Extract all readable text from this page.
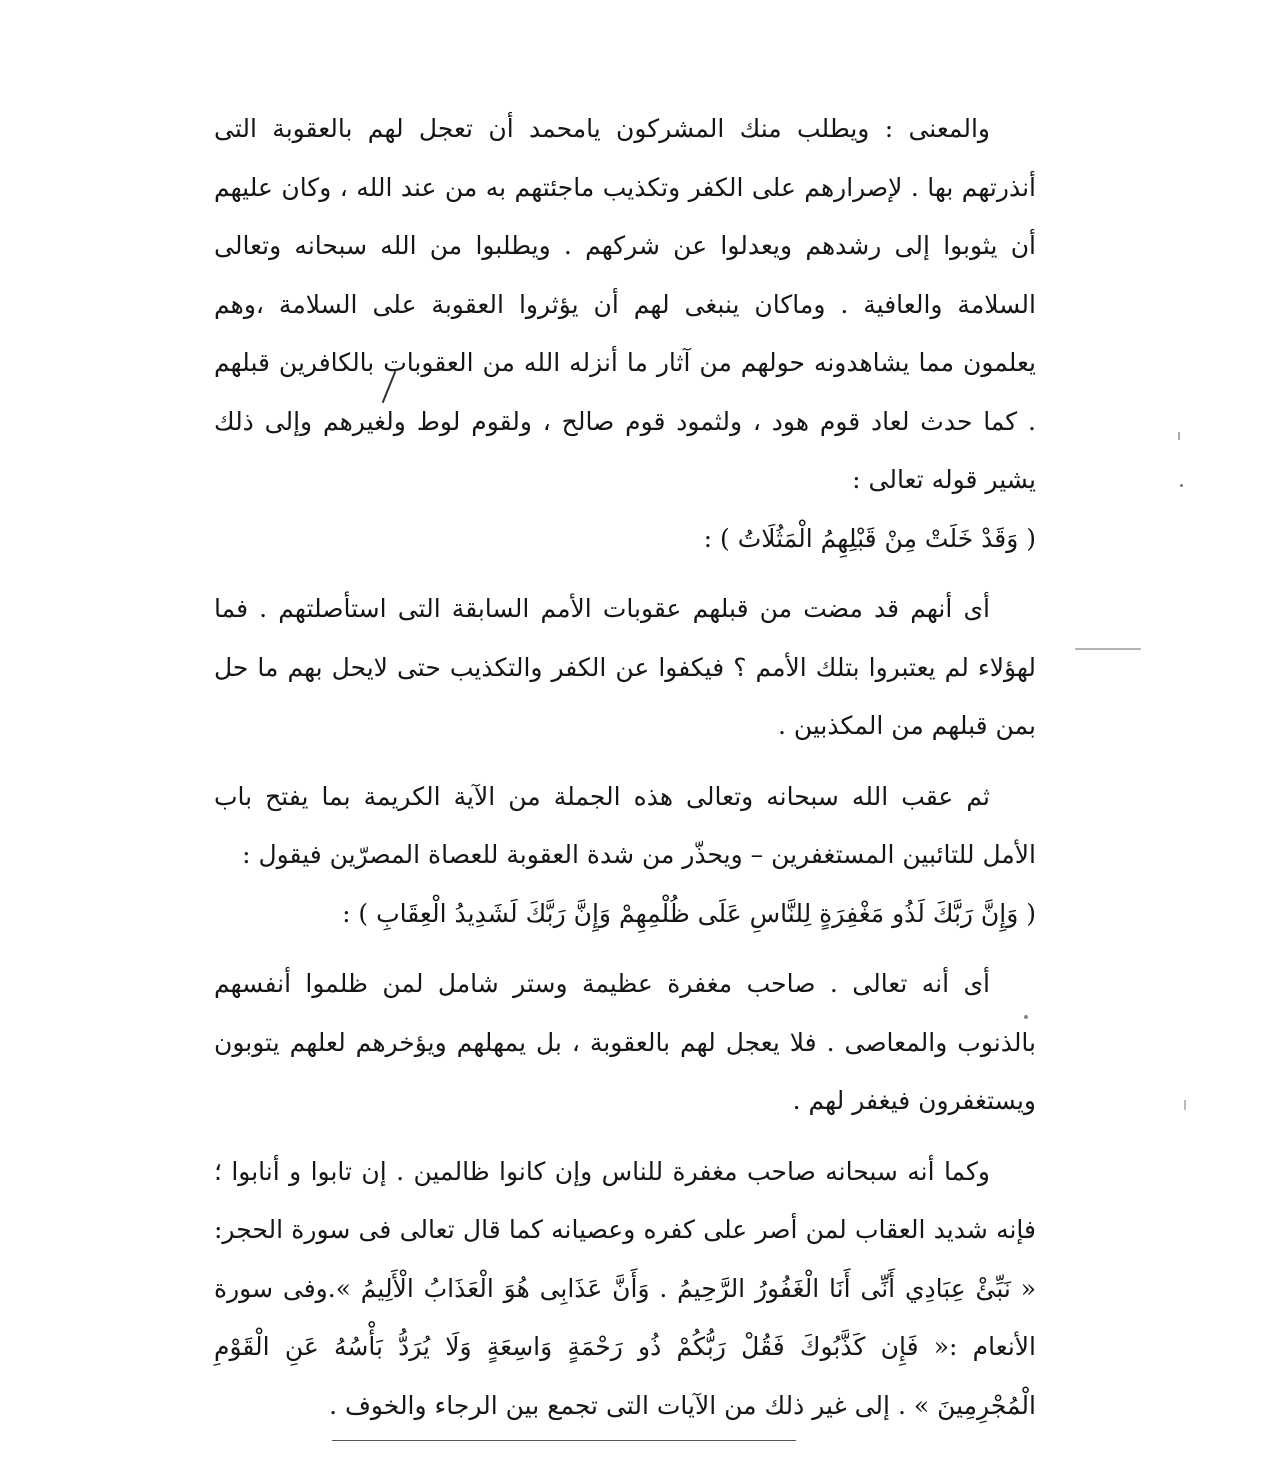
والمعنى : ويطلب منك المشركون يامحمد أن تعجل لهم بالعقوبة التى أنذرتهم بها . لإصرارهم على الكفر وتكذيب ماجئتهم به من عند الله ، وكان عليهم أن يثوبوا إلى رشدهم ويعدلوا عن شركهم . ويطلبوا من الله سبحانه وتعالى السلامة والعافية . وماكان ينبغى لهم أن يؤثروا العقوبة على السلامة ،وهم يعلمون مما يشاهدونه حولهم من آثار ما أنزله الله من العقوبات بالكافرين قبلهم . كما حدث لعاد قوم هود ، ولثمود قوم صالح ، ولقوم لوط ولغيرهم وإلى ذلك يشير قوله تعالى :

( وَقَدْ خَلَتْ مِنْ قَبْلِهِمُ الْمَثُلَاتُ ) :

أى أنهم قد مضت من قبلهم عقوبات الأمم السابقة التى استأصلتهم . فما لهؤلاء لم يعتبروا بتلك الأمم ؟ فيكفوا عن الكفر والتكذيب حتى لايحل بهم ما حل بمن قبلهم من المكذبين .

ثم عقب الله سبحانه وتعالى هذه الجملة من الآية الكريمة بما يفتح باب الأمل للتائبين المستغفرين – ويحذّر من شدة العقوبة للعصاة المصرّين فيقول :

( وَإِنَّ رَبَّكَ لَذُو مَغْفِرَةٍ لِلنَّاسِ عَلَى ظُلْمِهِمْ وَإِنَّ رَبَّكَ لَشَدِيدُ الْعِقَابِ ) :

أى أنه تعالى . صاحب مغفرة عظيمة وستر شامل لمن ظلموا أنفسهم بالذنوب والمعاصى . فلا يعجل لهم بالعقوبة ، بل يمهلهم ويؤخرهم لعلهم يتوبون ويستغفرون فيغفر لهم .

وكما أنه سبحانه صاحب مغفرة للناس وإن كانوا ظالمين . إن تابوا و أنابوا ؛ فإنه شديد العقاب لمن أصر على كفره وعصيانه كما قال تعالى فى سورة الحجر: « نَبِّئْ عِبَادِي أَنِّى أَنَا الْغَفُورُ الرَّحِيمُ . وَأَنَّ عَذَابِى هُوَ الْعَذَابُ الْأَلِيمُ ».وفى سورة الأنعام :« فَإِن كَذَّبُوكَ فَقُلْ رَبُّكُمْ ذُو رَحْمَةٍ وَاسِعَةٍ وَلَا يُرَدُّ بَأْسُهُ عَنِ الْقَوْمِ الْمُجْرِمِينَ » . إلى غير ذلك من الآيات التى تجمع بين الرجاء والخوف .
